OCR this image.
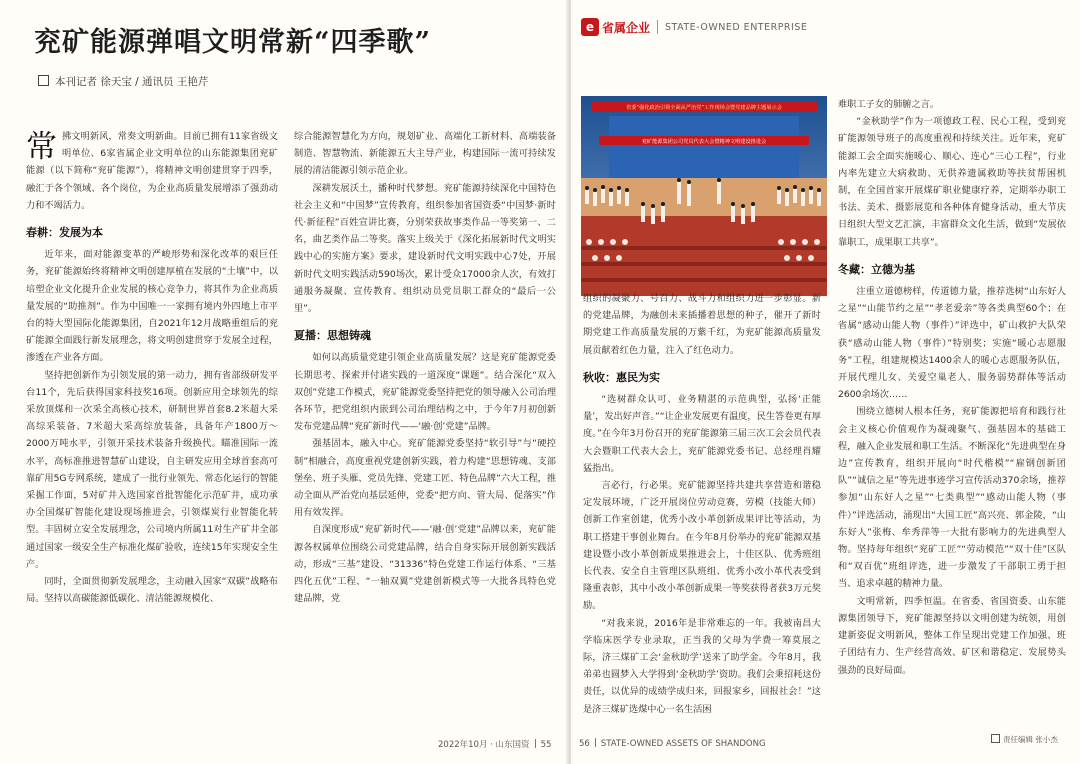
兖矿能源弹唱文明常新“四季歌”
本刊记者 徐天宝 / 通讯员 王艳芹

常拂文明新风，常奏文明新曲。目前已拥有11家省级文明单位、6家省属企业文明单位的山东能源集团兖矿能源（以下简称“兖矿能源”），将精神文明创建贯穿于四季，融汇于各个领域、各个岗位，为企业高质量发展增添了强劲动力和不竭活力。

春耕：发展为本

近年来，面对能源变革的严峻形势和深化改革的艰巨任务，兖矿能源始终将精神文明创建厚植在发展的“土壤”中，以培塑企业文化提升企业发展的核心竞争力，将其作为企业高质量发展的“助推剂”。作为中国唯一一家拥有境内外四地上市平台的特大型国际化能源集团，自2021年12月战略重组后的兖矿能源全面践行新发展理念，将文明创建贯穿于发展全过程，渗透在产业各方面。

坚持把创新作为引领发展的第一动力，拥有省部级研发平台11个，先后获得国家科技奖16项。创新应用全球领先的综采放顶煤和一次采全高核心技术，研制世界首套8.2米超大采高综采装备、7米超大采高综放装备，具备年产1800万～2000万吨水平，引领开采技术装备升级换代。瞄准国际一流水平，高标准推进智慧矿山建设，自主研发应用全球首套高可靠矿用5G专网系统，建成了一批行业领先、常态化运行的智能采掘工作面，5对矿井入选国家首批智能化示范矿井，成功承办全国煤矿智能化建设现场推进会，引领煤炭行业智能化转型。丰固树立安全发展理念，公司境内所属11对生产矿井全部通过国家一级安全生产标准化煤矿验收，连续15年实现安全生产。

同时，全面贯彻新发展理念，主动融入国家“双碳”战略布局。坚持以高碳能源低碳化、清洁能源规模化、

综合能源智慧化为方向，规划矿业、高端化工新材料、高端装备制造、智慧物流、新能源五大主导产业，构建国际一流可持续发展的清洁能源引领示范企业。

深耕发展沃土，播种时代梦想。兖矿能源持续深化中国特色社会主义和“中国梦”宣传教育，组织参加省国资委“中国梦·新时代·新征程”百姓宣讲比赛，分别荣获故事类作品一等奖第一、二名，曲艺类作品二等奖。落实上级关于《深化拓展新时代文明实践中心的实施方案》要求，建设新时代文明实践中心7处，开展新时代文明实践活动590场次，累计受众17000余人次，有效打通服务凝聚、宣传教育、组织动员党员职工群众的“最后一公里”。

夏播：思想铸魂

如何以高质量党建引领企业高质量发展？这是兖矿能源党委长期思考、探索并付诸实践的一道深度“课题”。结合深化“双入双创”党建工作模式，兖矿能源党委坚持把党的领导融入公司治理各环节，把党组织内嵌到公司治理结构之中，于今年7月初创新发布党建品牌“兖矿新时代——‘融·创’党建”品牌。

强基固本，融入中心。兖矿能源党委坚持“软引导”与“硬控制”相融合，高度重视党建创新实践，着力构建“思想铸魂、支部堡垒、班子头雁、党员先锋、党建工匠、特色品牌”六大工程，推动全面从严治党向基层延伸，党委“把方向、管大局、促落实”作用有效发挥。

自深度形成“兖矿新时代——‘融·创’党建”品牌以来，兖矿能源各权属单位围绕公司党建品牌，结合自身实际开展创新实践活动，形成“三基”建设、“31336”特色党建工作运行体系、“三基四化五优”工程、“一轴双翼”党建创新模式等一大批各具特色党建品牌，党

2022年10月 · 山东国资 55
e 省属企业 STATE-OWNED ENTERPRISE
省委“强化政治引领全面从严治党”工作现场会暨党建品牌主题展示会
兖矿能源集团公司党员代表大会暨精神文明建设推进会

组织的凝聚力、号召力、战斗力和组织力进一步彰显。新的党建品牌，为融创未来插播着思想的种子，催开了新时期党建工作高质量发展的万紫千红，为兖矿能源高质量发展贡献着红色力量，注入了红色动力。

秋收：惠民为实

“选树群众认可、业务精湛的示范典型，弘扬‘正能量’，发出好声音。”“让企业发展更有温度，民生答卷更有厚度。”在今年3月份召开的兖矿能源第三届三次工会会员代表大会暨职工代表大会上，兖矿能源党委书记、总经理肖耀猛指出。

言必行，行必果。兖矿能源坚持共建共享营造和谐稳定发展环境，广泛开展岗位劳动竞赛，劳模（技能大师）创新工作室创建，优秀小改小革创新成果评比等活动，为职工搭建干事创业舞台。在今年8月份举办的兖矿能源双基建设暨小改小革创新成果推进会上，十佳区队、优秀班组长代表、安全自主管理区队班组、优秀小改小革代表受到隆重表彰，其中小改小革创新成果一等奖获得者获3万元奖励。

“对我来说，2016年是非常难忘的一年。我被南昌大学临床医学专业录取，正当我的父母为学费一筹莫展之际，济三煤矿工会‘金秋助学’送来了助学金。今年8月，我弟弟也圆梦入大学得到‘金秋助学’资助。我们会秉招耗这份责任，以优异的成绩学成归来，回报家乡，回报社会！”这是济三煤矿选煤中心一名生活困

难职工子女的肺腑之言。

“金秋助学”作为一项德政工程、民心工程，受到兖矿能源领导班子的高度重视和持续关注。近年来，兖矿能源工会全面实施暖心、顺心、连心“三心工程”，行业内率先建立大病救助、无供养遗属救助等扶贫帮困机制，在全国首家开展煤矿职业健康疗养，定期举办职工书法、美术、摄影展览和各种体育健身活动，重大节庆日组织大型文艺汇演，丰富群众文化生活，做到“发展依靠职工，成果职工共享”。

冬藏：立德为基

注重立道德榜样，传道德力量，推荐选树“山东好人之星”“山能节约之星”“孝老爱亲”等各类典型60个；在省属“感动山能人物（事件）”评选中，矿山救护大队荣获“感动山能人物（事件）”特别奖；实施“暖心志愿服务”工程，组建规模达1400余人的暖心志愿服务队伍，开展代理儿女、关爱空巢老人、服务弱势群体等活动2600余场次……

围绕立德树人根本任务，兖矿能源把培育和践行社会主义核心价值观作为凝魂聚气、强基固本的基础工程，融入企业发展和职工生活。不断深化“先进典型在身边”宣传教育，组织开展向“时代楷模”“雇钢创新团队”“诚信之星”等先进事迹学习宣传活动370余场，推荐参加“山东好人之星”“七类典型”“感动山能人物（事件）”评选活动，涌现出“大国工匠”高兴亮、郭金陵，“山东好人”张梅、牟秀萍等一大批有影响力的先进典型人物。坚持每年组织“兖矿工匠”“劳动模范”“双十佳”区队和“双百优”班组评选，进一步激发了干部职工勇于担当、追求卓越的精神力量。

文明常新，四季恒温。在省委、省国资委、山东能源集团领导下，兖矿能源坚持以文明创建为统领，用创建新姿促文明新风，整体工作呈现出党建工作加强、班子团结有力、生产经营高效、矿区和谐稳定、发展势头强劲的良好局面。

责任编辑 张小杰
56 STATE-OWNED ASSETS OF SHANDONG
